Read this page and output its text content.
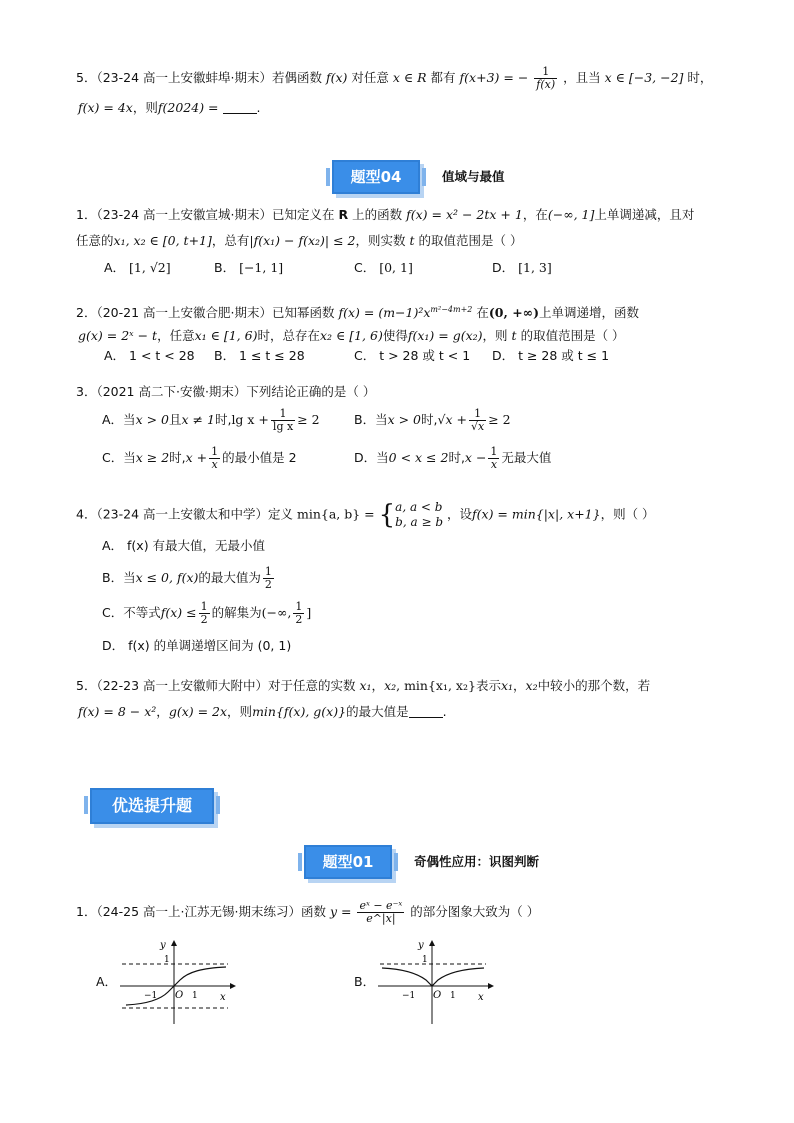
5．（23-24 高一上安徽蚌埠·期末）若偶函数 f(x) 对任意 x ∈ R 都有 f(x+3) = − $\frac{1}{f(x)}$ ，且当 x ∈ [−3, −2] 时，
f(x) = 4x，则f(2024) =	.
题型04	值域与最值
1．（23-24 高一上安徽宣城·期末）已知定义在 R 上的函数 f(x) = x² − 2tx + 1，在(−∞, 1]上单调递减，且对
任意的x₁, x₂ ∈ [0, t+1]，总有|f(x₁) − f(x₂)| ≤ 2，则实数 t 的取值范围是（ ）
A． [1, √2]	B． [−1, 1]	C． [0, 1]	D． [1, 3]
2．（20-21 高一上安徽合肥·期末）已知幂函数 $f(x) = (m-1)^2x^{m^2-4m+2}$ 在(0, +∞)上单调递增，函数
g(x) = 2ˣ − t，任意x₁ ∈ [1, 6)时，总存在x₂ ∈ [1, 6)使得f(x₁) = g(x₂)，则 t 的取值范围是（ ）
A． 1 < t < 28 B． 1 ≤ t ≤ 28	C． t > 28 或 t < 1 D． t ≥ 28 或 t ≤ 1
3．（2021 高二下·安徽·期末）下列结论正确的是（ ）
A．当x > 0且x ≠ 1时,lg $x + \frac{1}{\text{lg x}} \ge 2$	B．当x > 0时$,√x + \frac{1}{√x} \ge 2$
C．当x ≥ 2时$,x + \frac{1}{x}$ 的最小值是 2	D．当0 < x ≤ 2时$,x - \frac{1}{x}$ 无最大值
4．（23-24 高一上安徽太和中学）定义 min{a, b} = { a, a < b
b, a ≥ b
，设f(x) = min{|x|, x+1}，则（ ）
A． f(x) 有最大值，无最小值
B．当x ≤ 0, f(x)的最大值为 $\frac{1}{2}$
C．不等式$f(x) \le \frac{1}{2}$ 的解集为(−∞, $\frac{1}{2}$ ]
D． f(x) 的单调递增区间为 (0, 1)
5．（22-23 高一上安徽师大附中）对于任意的实数 x₁，x₂, min{x₁, x₂}表示x₁，x₂中较小的那个数，若
f(x) = 8 − x²，g(x) = 2x，则min{f(x), g(x)}的最大值是	.
优选提升题
题型01	奇偶性应用：识图判断
1．（24-25 高一上·江苏无锡·期末练习）函数 $y = \frac{\text{eˣ − e⁻ˣ}}{e\^{}|x|}$ 的部分图象大致为（ ）
A．	B．
y
1
x
O
−1	1
y
1
x
O
−1	1
